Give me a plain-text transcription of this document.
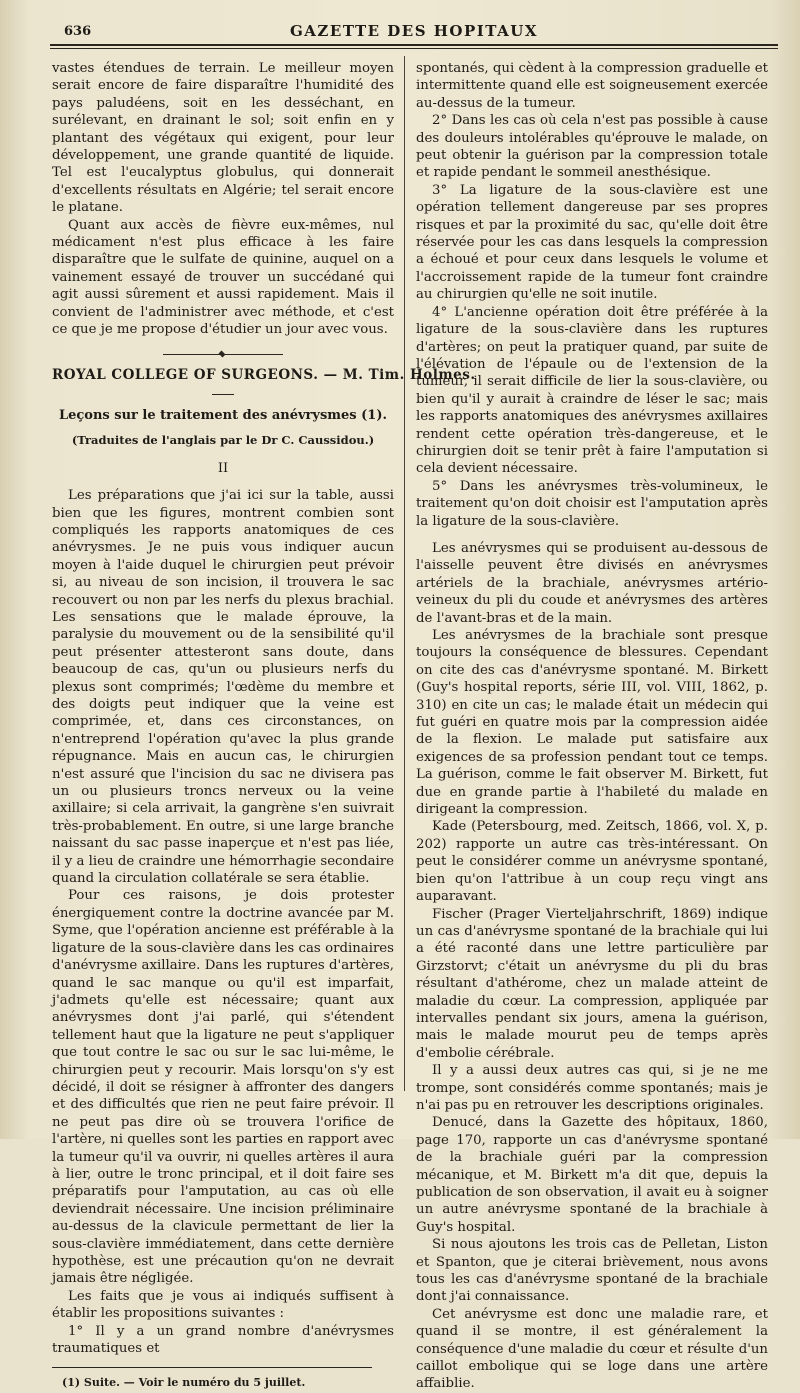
636	GAZETTE DES HOPITAUX

vastes étendues de terrain. Le meilleur moyen serait encore de faire disparaître l'humidité des pays paludéens, soit en les desséchant, en surélevant, en drainant le sol; soit enfin en y plantant des végétaux qui exigent, pour leur développement, une grande quantité de liquide. Tel est l'eucalyptus globulus, qui donnerait d'excellents résultats en Algérie; tel serait encore le platane.

Quant aux accès de fièvre eux-mêmes, nul médicament n'est plus efficace à les faire disparaître que le sulfate de quinine, auquel on a vainement essayé de trouver un succédané qui agit aussi sûrement et aussi rapidement. Mais il convient de l'administrer avec méthode, et c'est ce que je me propose d'étudier un jour avec vous.

ROYAL COLLEGE OF SURGEONS. — M. Tim. Holmes.

Leçons sur le traitement des anévrysmes (1).

(Traduites de l'anglais par le Dr C. Caussidou.)

II

Les préparations que j'ai ici sur la table, aussi bien que les figures, montrent combien sont compliqués les rapports anatomiques de ces anévrysmes. Je ne puis vous indiquer aucun moyen à l'aide duquel le chirurgien peut prévoir si, au niveau de son incision, il trouvera le sac recouvert ou non par les nerfs du plexus brachial. Les sensations que le malade éprouve, la paralysie du mouvement ou de la sensibilité qu'il peut présenter attesteront sans doute, dans beaucoup de cas, qu'un ou plusieurs nerfs du plexus sont comprimés; l'œdème du membre et des doigts peut indiquer que la veine est comprimée, et, dans ces circonstances, on n'entreprend l'opération qu'avec la plus grande répugnance. Mais en aucun cas, le chirurgien n'est assuré que l'incision du sac ne divisera pas un ou plusieurs troncs nerveux ou la veine axillaire; si cela arrivait, la gangrène s'en suivrait très-probablement. En outre, si une large branche naissant du sac passe inaperçue et n'est pas liée, il y a lieu de craindre une hémorrhagie secondaire quand la circulation collatérale se sera établie.

Pour ces raisons, je dois protester énergiquement contre la doctrine avancée par M. Syme, que l'opération ancienne est préférable à la ligature de la sous-clavière dans les cas ordinaires d'anévrysme axillaire. Dans les ruptures d'artères, quand le sac manque ou qu'il est imparfait, j'admets qu'elle est nécessaire; quant aux anévrysmes dont j'ai parlé, qui s'étendent tellement haut que la ligature ne peut s'appliquer que tout contre le sac ou sur le sac lui-même, le chirurgien peut y recourir. Mais lorsqu'on s'y est décidé, il doit se résigner à affronter des dangers et des difficultés que rien ne peut faire prévoir. Il ne peut pas dire où se trouvera l'orifice de l'artère, ni quelles sont les parties en rapport avec la tumeur qu'il va ouvrir, ni quelles artères il aura à lier, outre le tronc principal, et il doit faire ses préparatifs pour l'amputation, au cas où elle deviendrait nécessaire. Une incision préliminaire au-dessus de la clavicule permettant de lier la sous-clavière immédiatement, dans cette dernière hypothèse, est une précaution qu'on ne devrait jamais être négligée.

Les faits que je vous ai indiqués suffisent à établir les propositions suivantes :

1° Il y a un grand nombre d'anévrysmes traumatiques et

(1) Suite. — Voir le numéro du 5 juillet.

spontanés, qui cèdent à la compression graduelle et intermittente quand elle est soigneusement exercée au-dessus de la tumeur.

2° Dans les cas où cela n'est pas possible à cause des douleurs intolérables qu'éprouve le malade, on peut obtenir la guérison par la compression totale et rapide pendant le sommeil anesthésique.

3° La ligature de la sous-clavière est une opération tellement dangereuse par ses propres risques et par la proximité du sac, qu'elle doit être réservée pour les cas dans lesquels la compression a échoué et pour ceux dans lesquels le volume et l'accroissement rapide de la tumeur font craindre au chirurgien qu'elle ne soit inutile.

4° L'ancienne opération doit être préférée à la ligature de la sous-clavière dans les ruptures d'artères; on peut la pratiquer quand, par suite de l'élévation de l'épaule ou de l'extension de la tumeur, il serait difficile de lier la sous-clavière, ou bien qu'il y aurait à craindre de léser le sac; mais les rapports anatomiques des anévrysmes axillaires rendent cette opération très-dangereuse, et le chirurgien doit se tenir prêt à faire l'amputation si cela devient nécessaire.

5° Dans les anévrysmes très-volumineux, le traitement qu'on doit choisir est l'amputation après la ligature de la sous-clavière.

Les anévrysmes qui se produisent au-dessous de l'aisselle peuvent être divisés en anévrysmes artériels de la brachiale, anévrysmes artério-veineux du pli du coude et anévrysmes des artères de l'avant-bras et de la main.

Les anévrysmes de la brachiale sont presque toujours la conséquence de blessures. Cependant on cite des cas d'anévrysme spontané. M. Birkett (Guy's hospital reports, série III, vol. VIII, 1862, p. 310) en cite un cas; le malade était un médecin qui fut guéri en quatre mois par la compression aidée de la flexion. Le malade put satisfaire aux exigences de sa profession pendant tout ce temps. La guérison, comme le fait observer M. Birkett, fut due en grande partie à l'habileté du malade en dirigeant la compression.

Kade (Petersbourg, med. Zeitsch, 1866, vol. X, p. 202) rapporte un autre cas très-intéressant. On peut le considérer comme un anévrysme spontané, bien qu'on l'attribue à un coup reçu vingt ans auparavant.

Fischer (Prager Vierteljahrschrift, 1869) indique un cas d'anévrysme spontané de la brachiale qui lui a été raconté dans une lettre particulière par Girzstorvt; c'était un anévrysme du pli du bras résultant d'athérome, chez un malade atteint de maladie du cœur. La compression, appliquée par intervalles pendant six jours, amena la guérison, mais le malade mourut peu de temps après d'embolie cérébrale.

Il y a aussi deux autres cas qui, si je ne me trompe, sont considérés comme spontanés; mais je n'ai pas pu en retrouver les descriptions originales.

Denucé, dans la Gazette des hôpitaux, 1860, page 170, rapporte un cas d'anévrysme spontané de la brachiale guéri par la compression mécanique, et M. Birkett m'a dit que, depuis la publication de son observation, il avait eu à soigner un autre anévrysme spontané de la brachiale à Guy's hospital.

Si nous ajoutons les trois cas de Pelletan, Liston et Spanton, que je citerai brièvement, nous avons tous les cas d'anévrysme spontané de la brachiale dont j'ai connaissance.

Cet anévrysme est donc une maladie rare, et quand il se montre, il est généralement la conséquence d'une maladie du cœur et résulte d'un caillot embolique qui se loge dans une artère affaiblie.
